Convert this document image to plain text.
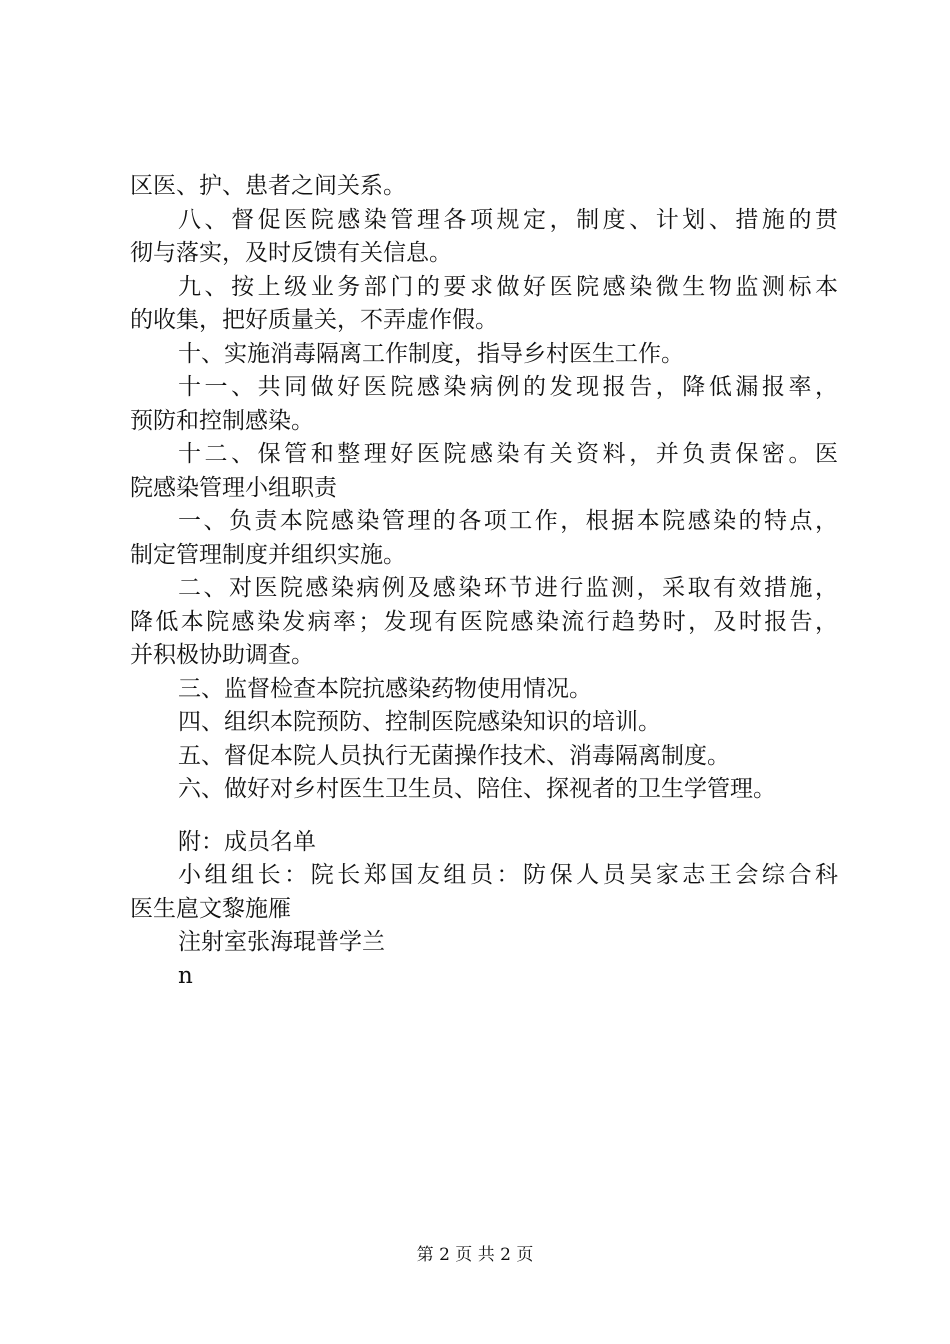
区医、护、患者之间关系。
八、督促医院感染管理各项规定，制度、计划、措施的贯
彻与落实，及时反馈有关信息。
九、按上级业务部门的要求做好医院感染微生物监测标本
的收集，把好质量关，不弄虚作假。
十、实施消毒隔离工作制度，指导乡村医生工作。
十一、共同做好医院感染病例的发现报告，降低漏报率，
预防和控制感染。
十二、保管和整理好医院感染有关资料，并负责保密。医
院感染管理小组职责
一、负责本院感染管理的各项工作，根据本院感染的特点，
制定管理制度并组织实施。
二、对医院感染病例及感染环节进行监测，采取有效措施，
降低本院感染发病率；发现有医院感染流行趋势时，及时报告，
并积极协助调查。
三、监督检查本院抗感染药物使用情况。
四、组织本院预防、控制医院感染知识的培训。
五、督促本院人员执行无菌操作技术、消毒隔离制度。
六、做好对乡村医生卫生员、陪住、探视者的卫生学管理。
附：成员名单
小组组长：院长郑国友组员：防保人员吴家志王会综合科
医生扈文黎施雁
注射室张海琨普学兰
n
第 2 页 共 2 页
